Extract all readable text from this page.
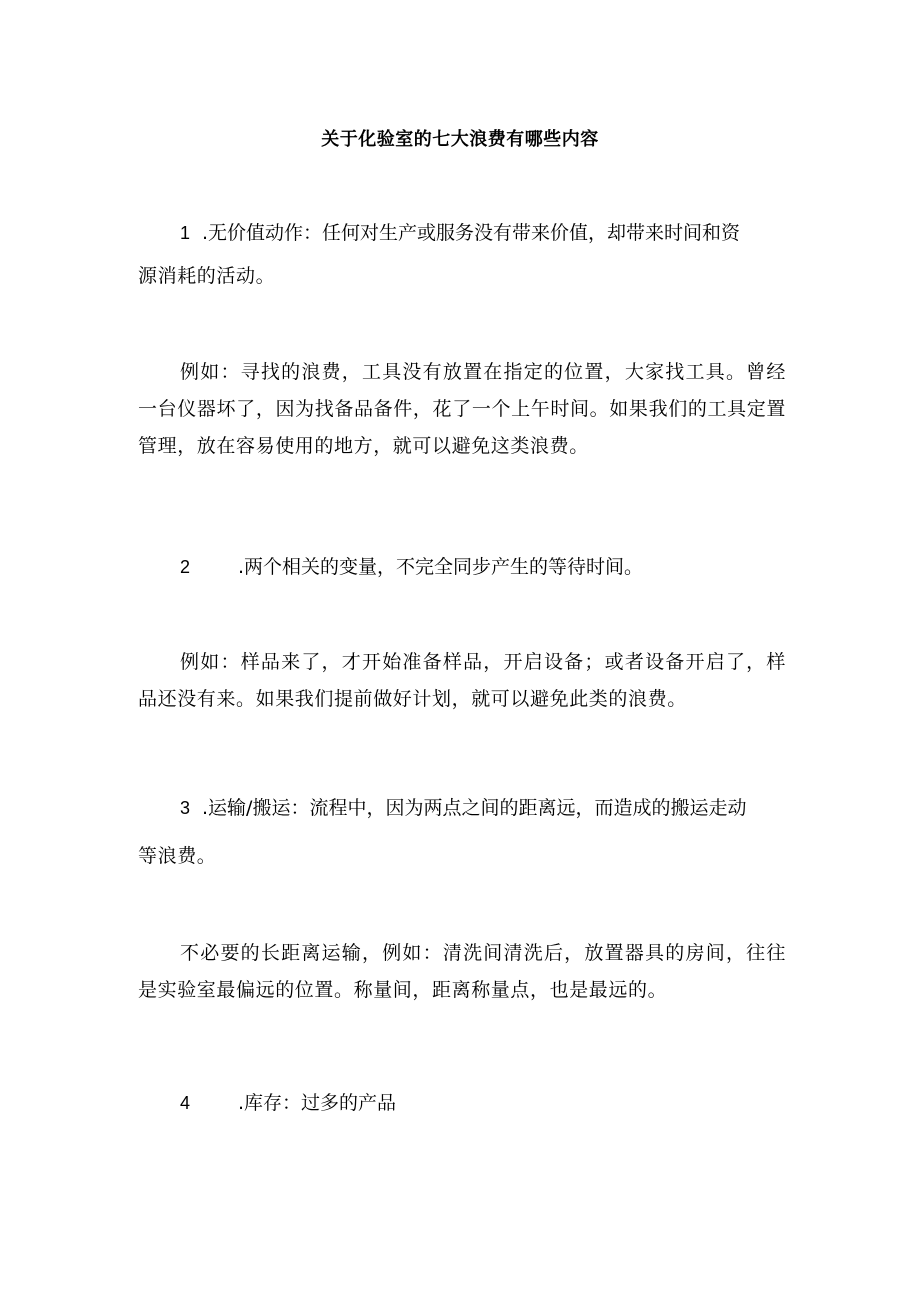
关于化验室的七大浪费有哪些内容
1 .无价值动作：任何对生产或服务没有带来价值，却带来时间和资
源消耗的活动。

例如：寻找的浪费，工具没有放置在指定的位置，大家找工具。曾经一台仪器坏了，因为找备品备件，花了一个上午时间。如果我们的工具定置管理，放在容易使用的地方，就可以避免这类浪费。

2	.两个相关的变量，不完全同步产生的等待时间。

例如：样品来了，才开始准备样品，开启设备；或者设备开启了，样品还没有来。如果我们提前做好计划，就可以避免此类的浪费。

3 .运输/搬运：流程中，因为两点之间的距离远，而造成的搬运走动
等浪费。

不必要的长距离运输，例如：清洗间清洗后，放置器具的房间，往往是实验室最偏远的位置。称量间，距离称量点，也是最远的。

4	.库存：过多的产品
